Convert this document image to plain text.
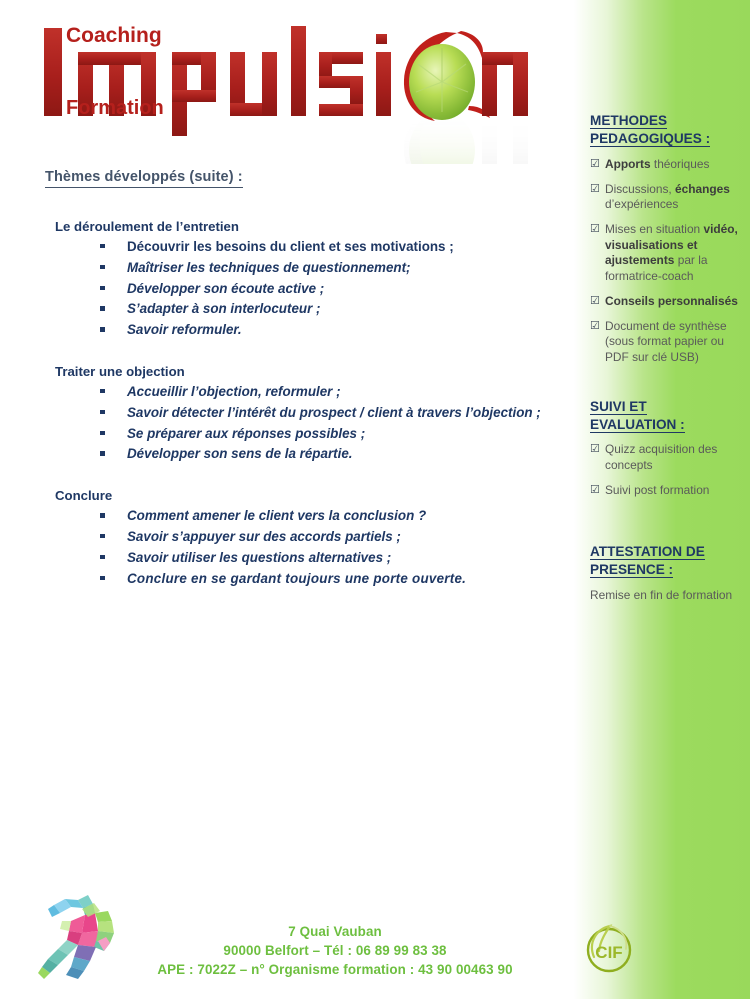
Coaching
Formation
Thèmes développés (suite) :
Le déroulement de l’entretien
Découvrir les besoins du client et ses motivations ;
Maîtriser les techniques de questionnement;
Développer son écoute active ;
S’adapter à son interlocuteur ;
Savoir reformuler.
Traiter une objection
Accueillir l’objection, reformuler ;
Savoir détecter l’intérêt du prospect / client à travers l’objection ;
Se préparer aux réponses possibles ;
Développer son sens de la répartie.
Conclure
Comment amener le client vers la conclusion ?
Savoir s’appuyer sur des accords partiels ;
Savoir utiliser les questions alternatives ;
Conclure en se gardant toujours une porte ouverte.
METHODES
PEDAGOGIQUES :
☑ Apports théoriques
☑ Discussions, échanges d’expériences
☑ Mises en situation vidéo, visualisations et ajustements par la formatrice-coach
☑ Conseils personnalisés
☑ Document de synthèse (sous format papier ou PDF sur clé USB)
SUIVI ET
EVALUATION :
☑ Quizz acquisition des concepts
☑ Suivi post formation
ATTESTATION DE
PRESENCE :
Remise en fin de formation
7 Quai Vauban
90000 Belfort – Tél : 06 89 99 83 38
APE : 7022Z – n° Organisme formation : 43 90 00463 90
CIF
